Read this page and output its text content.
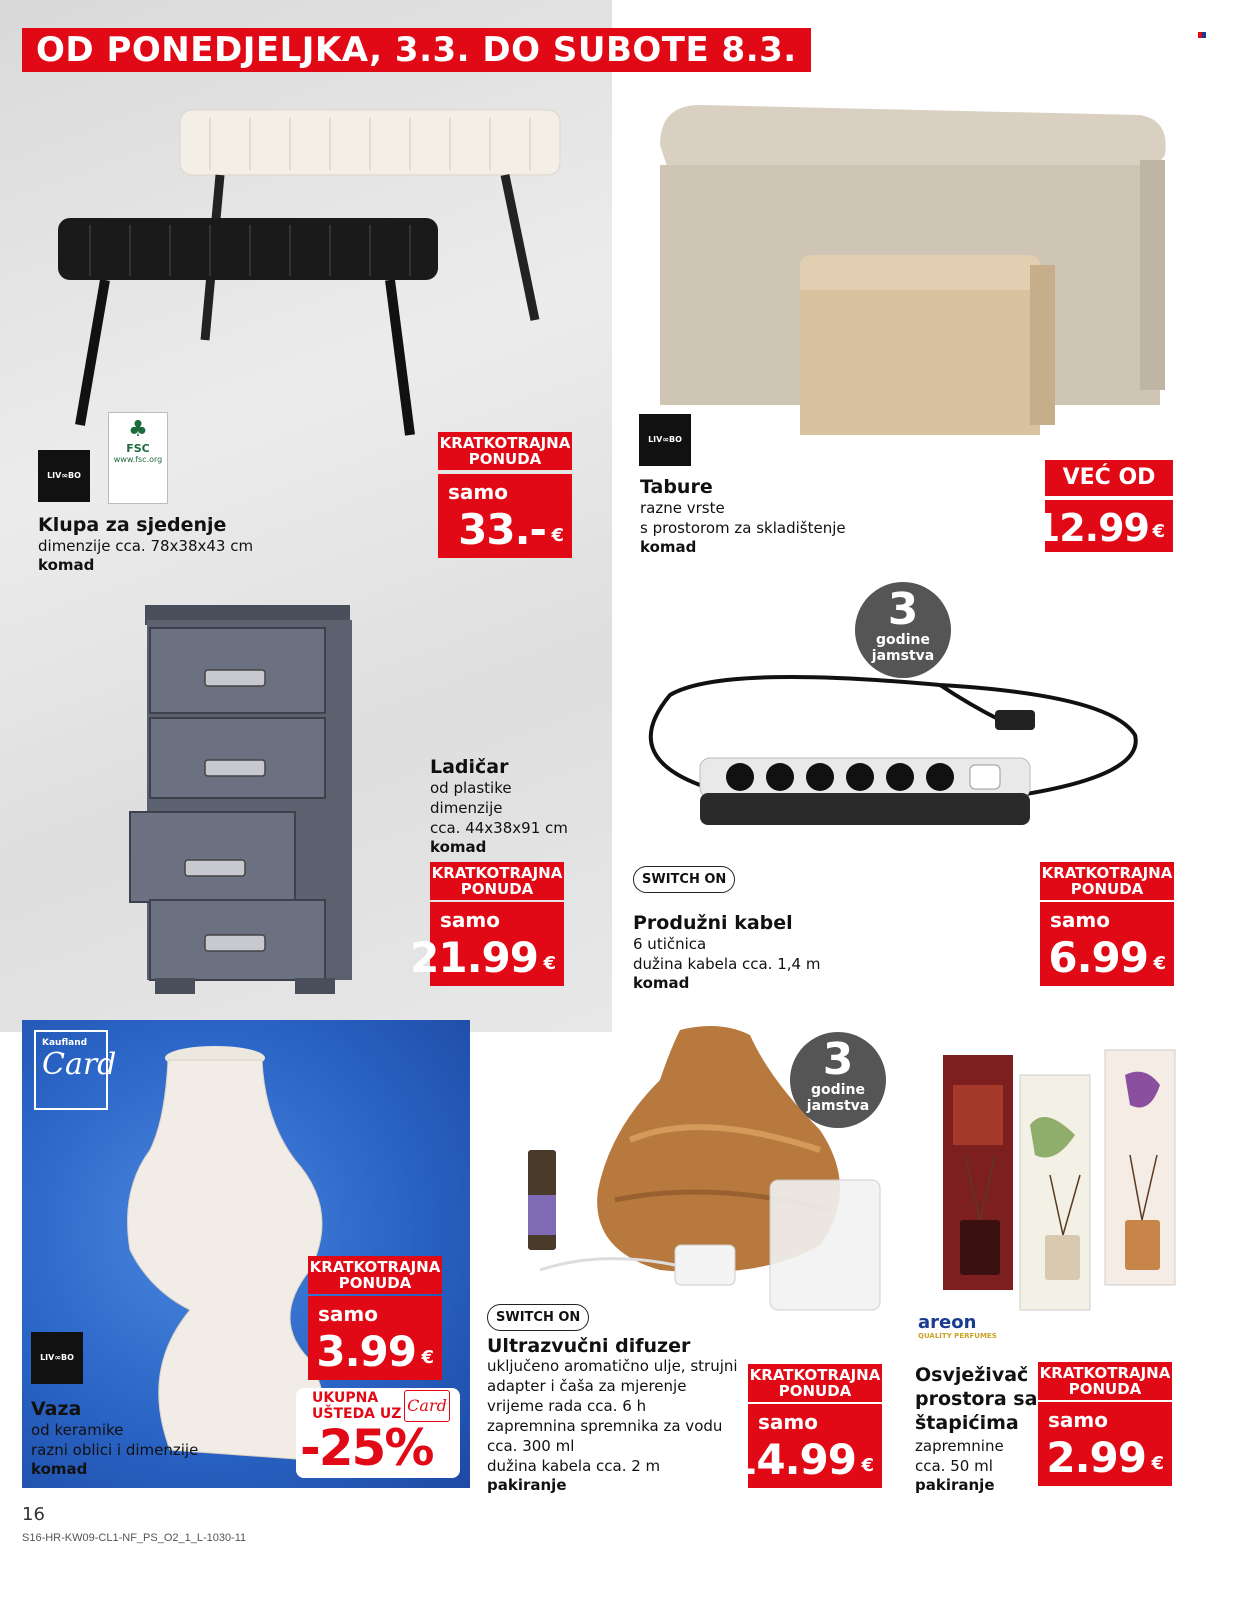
OD PONEDJELJKA, 3.3. DO SUBOTE 8.3.
LIV∞BO
♣
FSC
www.fsc.org
Klupa za sjedenje
dimenzije cca. 78x38x43 cm
komad
KRATKOTRAJNA PONUDA
samo
33.- €
LIV∞BO
Tabure
razne vrste
s prostorom za skladištenje
komad
VEĆ OD
12.99 €
Ladičar
od plastike
dimenzije
cca. 44x38x91 cm
komad
KRATKOTRAJNA PONUDA
samo
21.99 €
3
godine
jamstva
SWITCH ON
Produžni kabel
6 utičnica
dužina kabela cca. 1,4 m
komad
KRATKOTRAJNA PONUDA
samo
6.99 €
Kaufland
Card
LIV∞BO
Vaza
od keramike
razni oblici i dimenzije
komad
KRATKOTRAJNA PONUDA
samo
3.99 €
UKUPNA
UŠTEDA UZ Card
-25%
3
godine
jamstva
SWITCH ON
Ultrazvučni difuzer
uključeno aromatično ulje, strujni
adapter i čaša za mjerenje
vrijeme rada cca. 6 h
zapremnina spremnika za vodu
cca. 300 ml
dužina kabela cca. 2 m
pakiranje
KRATKOTRAJNA PONUDA
samo
14.99 €
areon
QUALITY PERFUMES
Osvježivač
prostora sa
štapićima
zapremnine
cca. 50 ml
pakiranje
KRATKOTRAJNA PONUDA
samo
2.99 €
16
S16-HR-KW09-CL1-NF_PS_O2_1_L-1030-11
